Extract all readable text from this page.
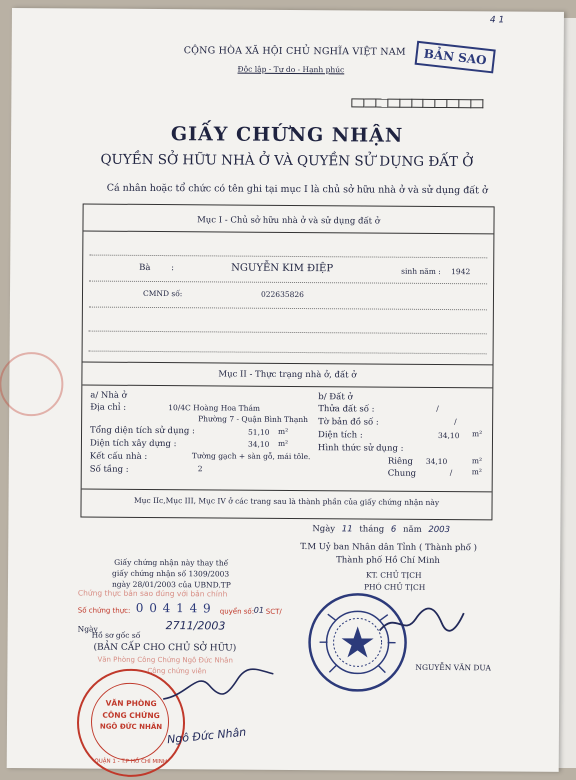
4 1
CỘNG HÒA XÃ HỘI CHỦ NGHĨA VIỆT NAM
Độc lập - Tự do - Hạnh phúc
BẢN SAO
GIẤY CHỨNG NHẬN
QUYỀN SỞ HỮU NHÀ Ở VÀ QUYỀN SỬ DỤNG ĐẤT Ở
Cá nhân hoặc tổ chức có tên ghi tại mục I là chủ sở hữu nhà ở và sử dụng đất ở
Mục I - Chủ sở hữu nhà ở và sử dụng đất ở
Bà :	NGUYỄN KIM ĐIỆP	sinh năm : 1942
CMND số:	022635826
Mục II - Thực trạng nhà ở, đất ở
a/ Nhà ở
Địa chỉ :	10/4C Hoàng Hoa Thám
Phường 7 - Quận Bình Thạnh
Tổng diện tích sử dụng :	51,10 m²
Diện tích xây dựng :	34,10 m²
Kết cấu nhà :	Tường gạch + sàn gỗ, mái tôle.
Số tầng :	2
b/ Đất ở
Thửa đất số :	/
Tờ bản đồ số :	/
Diện tích :	34,10 m²
Hình thức sử dụng :
Riêng 34,10	m²
Chung	/	m²
Mục IIc,Mục III, Mục IV ở các trang sau là thành phần của giấy chứng nhận này
Ngày 11 tháng 6 năm 2003
T.M Uỷ ban Nhân dân Tỉnh ( Thành phố )
Thành phố Hồ Chí Minh
KT. CHỦ TỊCH
PHÓ CHỦ TỊCH
NGUYỄN VĂN DUA
Giấy chứng nhận này thay thế
giấy chứng nhận số 1309/2003
ngày 28/01/2003 của UBND.TP
Chứng thực bản sao đúng với bản chính
Số chứng thực: 0 0 4 1 4 9 quyển số: 01 SCT/
Ngày
Hồ sơ gốc số
2711/2003
(BẢN CẤP CHO CHỦ SỞ HỮU)
Văn Phòng Công Chứng Ngô Đức Nhân
Công chứng viên
VĂN PHÒNG
CÔNG CHỨNG
NGÔ ĐỨC NHÂN
QUẬN 1 - T.P HỒ CHÍ MINH
Ngô Đức Nhân
